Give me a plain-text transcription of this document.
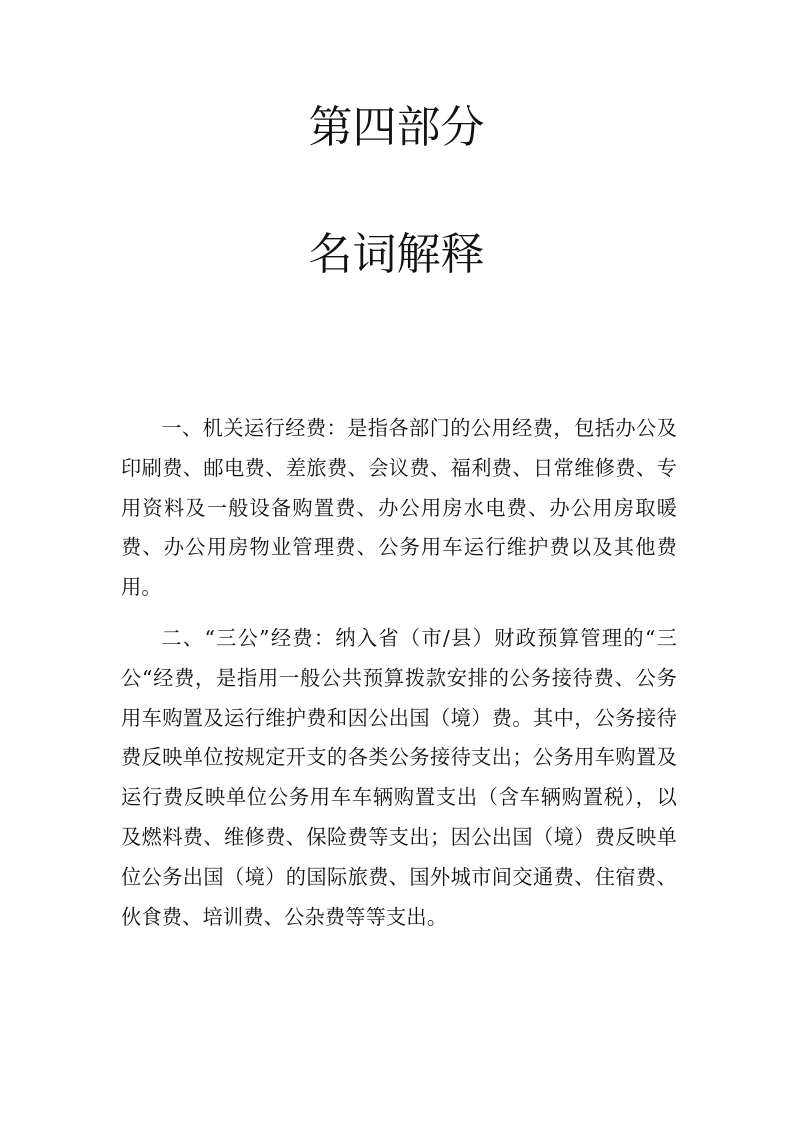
第四部分
名词解释

一、机关运行经费：是指各部门的公用经费，包括办公及印刷费、邮电费、差旅费、会议费、福利费、日常维修费、专用资料及一般设备购置费、办公用房水电费、办公用房取暖费、办公用房物业管理费、公务用车运行维护费以及其他费用。

二、“三公”经费：纳入省（市/县）财政预算管理的“三公“经费，是指用一般公共预算拨款安排的公务接待费、公务用车购置及运行维护费和因公出国（境）费。其中，公务接待费反映单位按规定开支的各类公务接待支出；公务用车购置及运行费反映单位公务用车车辆购置支出（含车辆购置税），以及燃料费、维修费、保险费等支出；因公出国（境）费反映单位公务出国（境）的国际旅费、国外城市间交通费、住宿费、伙食费、培训费、公杂费等等支出。
